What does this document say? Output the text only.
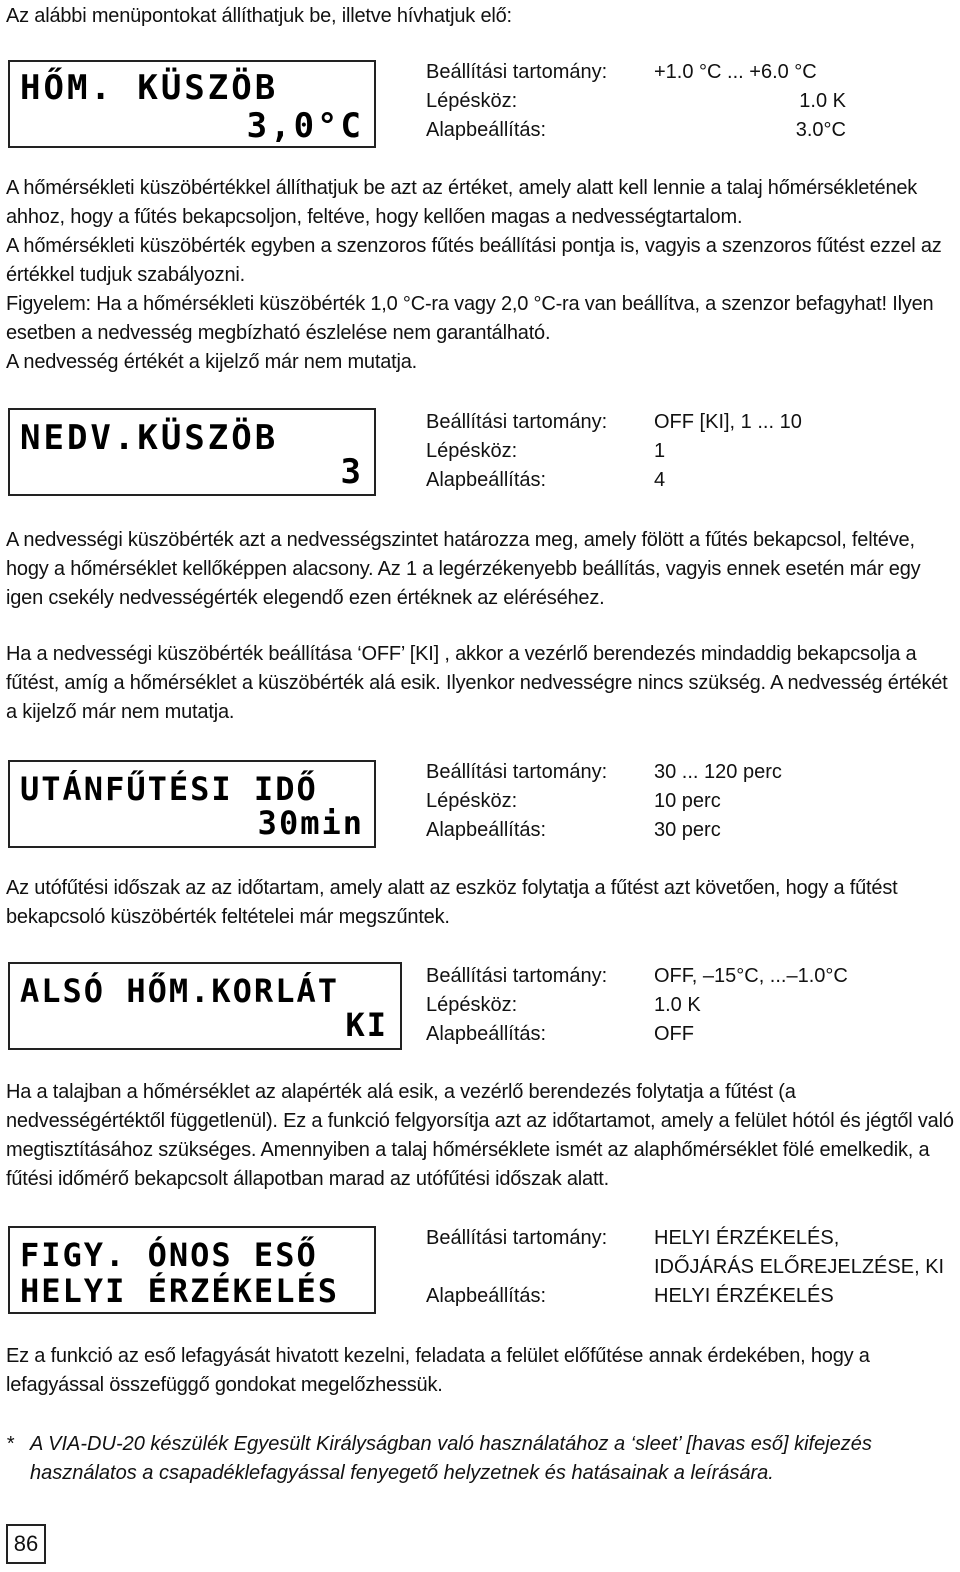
Az alábbi menüpontokat állíthatjuk be, illetve hívhatjuk elő:

HŐM. KÜSZÖB
3,0°C
Beállítási tartomány: +1.0 °C ... +6.0 °C
Lépésköz:	1.0 K
Alapbeállítás:	3.0°C

A hőmérsékleti küszöbértékkel állíthatjuk be azt az értéket, amely alatt kell lennie a talaj hőmérsékletének ahhoz, hogy a fűtés bekapcsoljon, feltéve, hogy kellően magas a nedvességtartalom.

A hőmérsékleti küszöbérték egyben a szenzoros fűtés beállítási pontja is, vagyis a szenzoros fűtést ezzel az értékkel tudjuk szabályozni.

Figyelem: Ha a hőmérsékleti küszöbérték 1,0 °C-ra vagy 2,0 °C-ra van beállítva, a szenzor befagyhat! Ilyen esetben a nedvesség megbízható észlelése nem garantálható.

A nedvesség értékét a kijelző már nem mutatja.

NEDV.KÜSZÖB
3
Beállítási tartomány: OFF [KI], 1 ... 10
Lépésköz:	1
Alapbeállítás:	4

A nedvességi küszöbérték azt a nedvességszintet határozza meg, amely fölött a fűtés bekapcsol, feltéve, hogy a hőmérséklet kellőképpen alacsony. Az 1 a legérzékenyebb beállítás, vagyis ennek esetén már egy igen csekély nedvességérték elegendő ezen értéknek az eléréséhez.

Ha a nedvességi küszöbérték beállítása ‘OFF’ [KI] , akkor a vezérlő berendezés mindaddig bekapcsolja a fűtést, amíg a hőmérséklet a küszöbérték alá esik. Ilyenkor nedvességre nincs szükség. A nedvesség értékét a kijelző már nem mutatja.

UTÁNFŰTÉSI IDŐ
30min
Beállítási tartomány: 30 ... 120 perc
Lépésköz:	10 perc
Alapbeállítás:	30 perc

Az utófűtési időszak az az időtartam, amely alatt az eszköz folytatja a fűtést azt követően, hogy a fűtést bekapcsoló küszöbérték feltételei már megszűntek.

ALSÓ HŐM.KORLÁT
KI
Beállítási tartomány: OFF, –15°C, ...–1.0°C
Lépésköz:	1.0 K
Alapbeállítás:	OFF

Ha a talajban a hőmérséklet az alapérték alá esik, a vezérlő berendezés folytatja a fűtést (a nedvességértéktől függetlenül). Ez a funkció felgyorsítja azt az időtartamot, amely a felület hótól és jégtől való megtisztításához szükséges. Amennyiben a talaj hőmérséklete ismét az alaphőmérséklet fölé emelkedik, a fűtési időmérő bekapcsolt állapotban marad az utófűtési időszak alatt.

FIGY. ÓNOS ESŐ
HELYI ÉRZÉKELÉS
Beállítási tartomány: HELYI ÉRZÉKELÉS,
IDŐJÁRÁS ELŐREJELZÉSE, KI
Alapbeállítás:	HELYI ÉRZÉKELÉS

Ez a funkció az eső lefagyását hivatott kezelni, feladata a felület előfűtése annak érdekében, hogy a lefagyással összefüggő gondokat megelőzhessük.

* A VIA-DU-20 készülék Egyesült Királyságban való használatához a ‘sleet’ [havas eső] kifejezés használatos a csapadéklefagyással fenyegető helyzetnek és hatásainak a leírására.
86
